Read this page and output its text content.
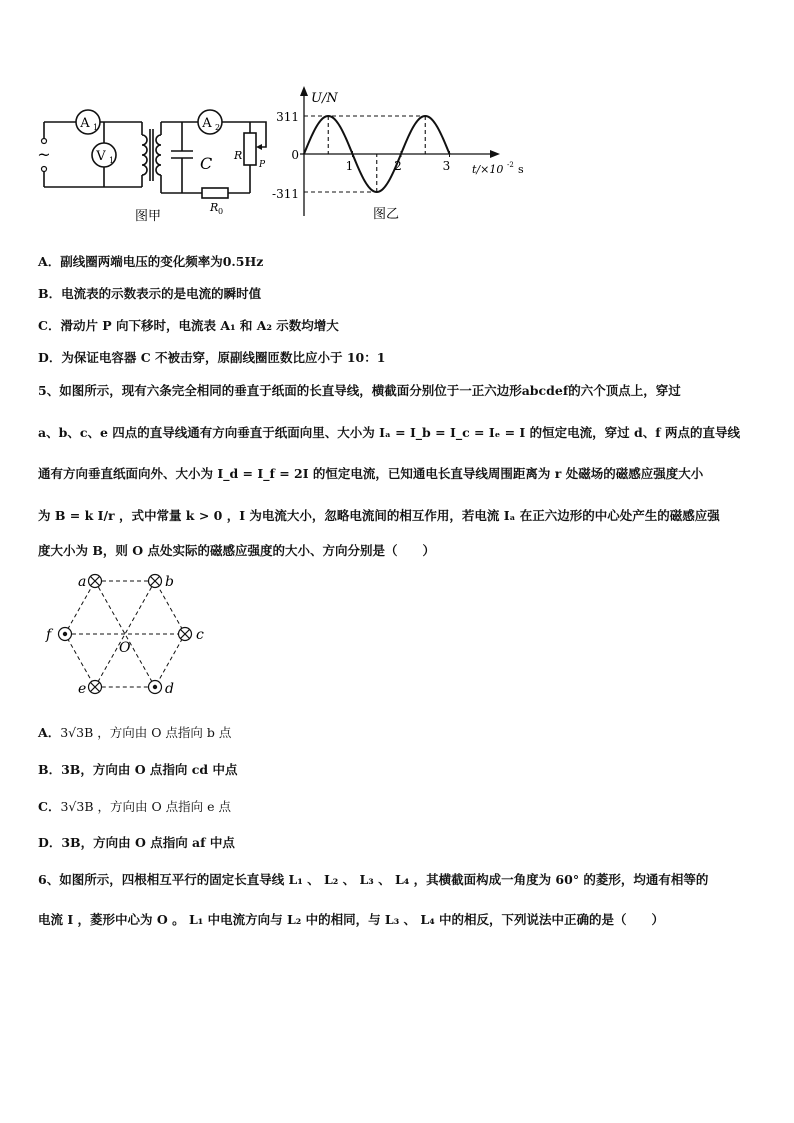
~
A 1
V 1
A 2
C R
P
R 0
图甲
1	2	3
U/N
311
0
-311
t/×10 -2 s
图乙
A．副线圈两端电压的变化频率为0.5Hz
B．电流表的示数表示的是电流的瞬时值
C．滑动片 P 向下移时，电流表 A₁ 和 A₂ 示数均增大
D．为保证电容器 C 不被击穿，原副线圈匝数比应小于 10：1
5、如图所示，现有六条完全相同的垂直于纸面的长直导线，横截面分别位于一正六边形abcdef的六个顶点上，穿过
a、b、c、e 四点的直导线通有方向垂直于纸面向里、大小为 Iₐ = I_b = I_c = Iₑ = I 的恒定电流，穿过 d、f 两点的直导线
通有方向垂直纸面向外、大小为 I_d = I_f = 2I 的恒定电流，已知通电长直导线周围距离为 r 处磁场的磁感应强度大小
为 B = k I/r ，式中常量 k > 0 ，I 为电流大小，忽略电流间的相互作用，若电流 Iₐ 在正六边形的中心处产生的磁感应强
度大小为 B，则 O 点处实际的磁感应强度的大小、方向分别是（　　）
a	b
c
d
e
f
O
A．3√3B ，方向由 O 点指向 b 点
B．3B，方向由 O 点指向 cd 中点
C．3√3B ，方向由 O 点指向 e 点
D．3B，方向由 O 点指向 af 中点
6、如图所示，四根相互平行的固定长直导线 L₁ 、 L₂ 、 L₃ 、 L₄ ，其横截面构成一角度为 60° 的菱形，均通有相等的
电流 I ，菱形中心为 O 。 L₁ 中电流方向与 L₂ 中的相同，与 L₃ 、 L₄ 中的相反，下列说法中正确的是（　　）
